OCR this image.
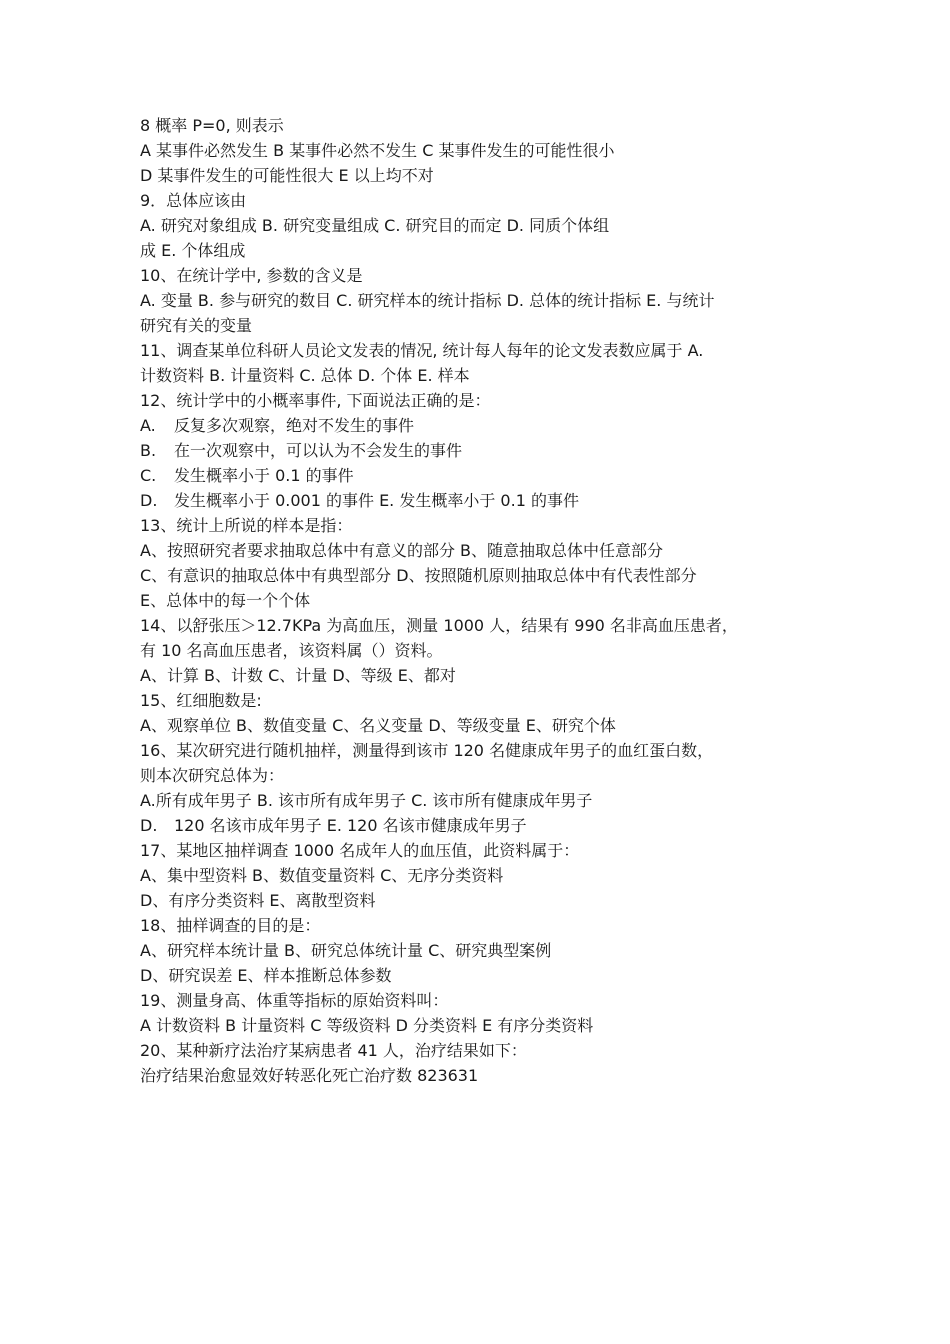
8 概率 P=0, 则表示
A 某事件必然发生 B 某事件必然不发生 C 某事件发生的可能性很小
D 某事件发生的可能性很大 E 以上均不对
9．总体应该由
A. 研究对象组成 B. 研究变量组成 C. 研究目的而定 D. 同质个体组
成 E. 个体组成
10、在统计学中, 参数的含义是
A. 变量 B. 参与研究的数目 C. 研究样本的统计指标 D. 总体的统计指标 E. 与统计
研究有关的变量
11、调查某单位科研人员论文发表的情况, 统计每人每年的论文发表数应属于 A.
计数资料 B. 计量资料 C. 总体 D. 个体 E. 样本
12、统计学中的小概率事件, 下面说法正确的是：
A. 反复多次观察，绝对不发生的事件
B. 在一次观察中，可以认为不会发生的事件
C. 发生概率小于 0.1 的事件
D. 发生概率小于 0.001 的事件 E. 发生概率小于 0.1 的事件
13、统计上所说的样本是指：
A、按照研究者要求抽取总体中有意义的部分 B、随意抽取总体中任意部分
C、有意识的抽取总体中有典型部分 D、按照随机原则抽取总体中有代表性部分
E、总体中的每一个个体
14、以舒张压＞12.7KPa 为高血压，测量 1000 人，结果有 990 名非高血压患者，
有 10 名高血压患者，该资料属（）资料。
A、计算 B、计数 C、计量 D、等级 E、都对
15、红细胞数是:
A、观察单位 B、数值变量 C、名义变量 D、等级变量 E、研究个体
16、某次研究进行随机抽样，测量得到该市 120 名健康成年男子的血红蛋白数，
则本次研究总体为：
A.所有成年男子 B. 该市所有成年男子 C. 该市所有健康成年男子
D. 120 名该市成年男子 E. 120 名该市健康成年男子
17、某地区抽样调查 1000 名成年人的血压值，此资料属于：
A、集中型资料 B、数值变量资料 C、无序分类资料
D、有序分类资料 E、离散型资料
18、抽样调查的目的是：
A、研究样本统计量 B、研究总体统计量 C、研究典型案例
D、研究误差 E、样本推断总体参数
19、测量身高、体重等指标的原始资料叫：
A 计数资料 B 计量资料 C 等级资料 D 分类资料 E 有序分类资料
20、某种新疗法治疗某病患者 41 人，治疗结果如下：
治疗结果治愈显效好转恶化死亡治疗数 823631
